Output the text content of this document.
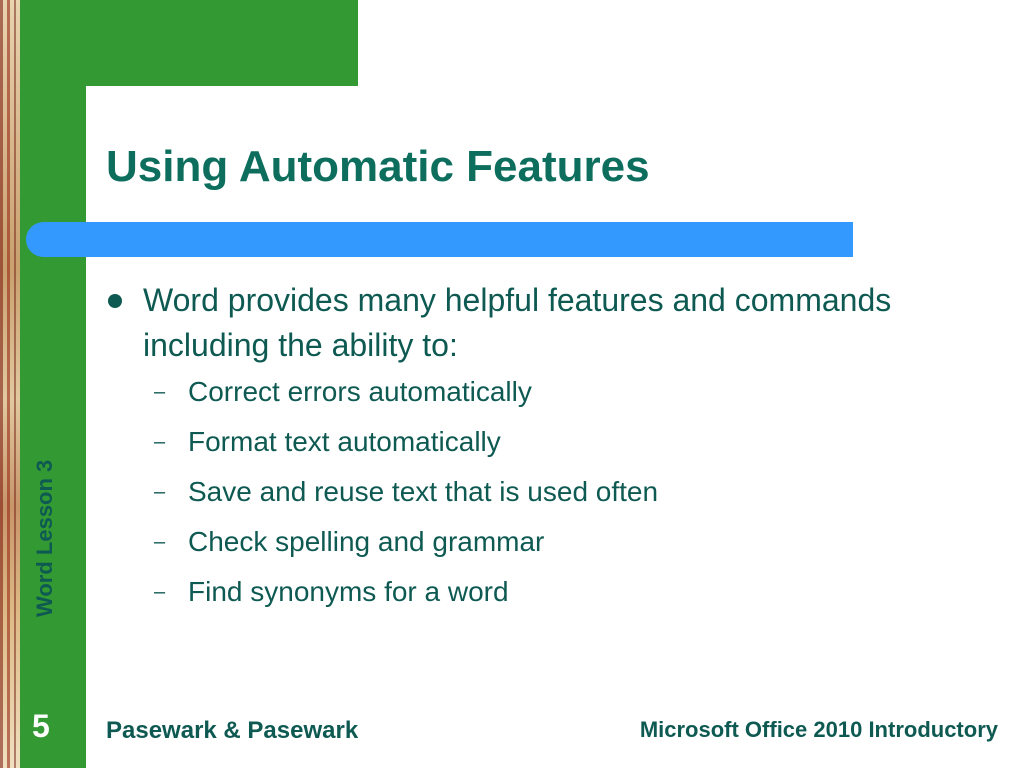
Using Automatic Features
Word provides many helpful features and commands including the ability to:
– Correct errors automatically
– Format text automatically
– Save and reuse text that is used often
– Check spelling and grammar
– Find synonyms for a word
Word Lesson 3
5 Pasewark & Pasewark	Microsoft Office 2010 Introductory
